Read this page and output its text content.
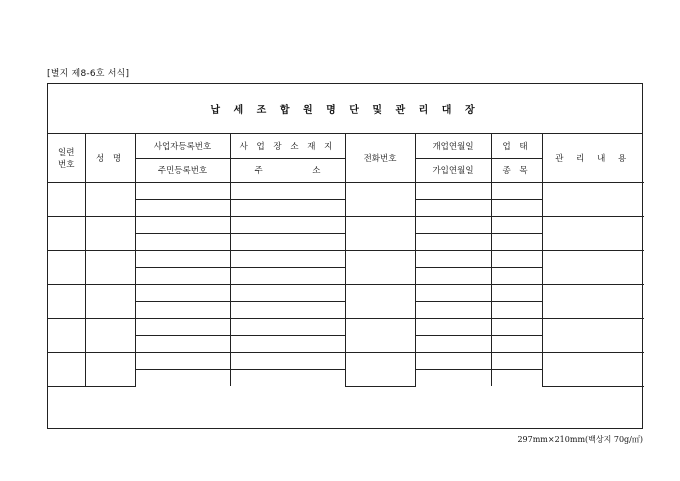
[별지 제8-6호 서식]
납 세 조 합 원 명 단 및 관 리 대 장
일련
번호	성 명	사업자등록번호	사 업 장 소 재 지	전화번호	개업연월일	업 태	관 리 내 용
		주민등록번호	주 소		가입연월일	종 목	

297mm×210mm(백상지 70g/㎡)
